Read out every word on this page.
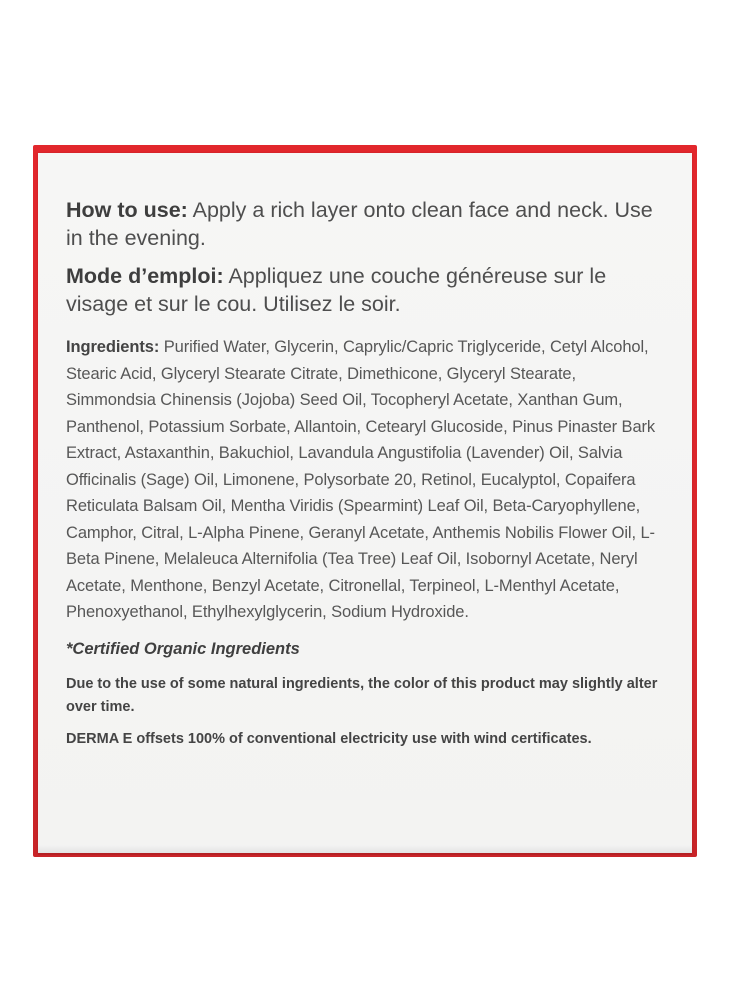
How to use: Apply a rich layer onto clean face and neck. Use in the evening.

Mode d’emploi: Appliquez une couche généreuse sur le visage et sur le cou. Utilisez le soir.

Ingredients: Purified Water, Glycerin, Caprylic/Capric Triglyceride, Cetyl Alcohol, Stearic Acid, Glyceryl Stearate Citrate, Dimethicone, Glyceryl Stearate, Simmondsia Chinensis (Jojoba) Seed Oil, Tocopheryl Acetate, Xanthan Gum, Panthenol, Potassium Sorbate, Allantoin, Cetearyl Glucoside, Pinus Pinaster Bark Extract, Astaxanthin, Bakuchiol, Lavandula Angustifolia (Lavender) Oil, Salvia Officinalis (Sage) Oil, Limonene, Polysorbate 20, Retinol, Eucalyptol, Copaifera Reticulata Balsam Oil, Mentha Viridis (Spearmint) Leaf Oil, Beta-Caryophyllene, Camphor, Citral, L-Alpha Pinene, Geranyl Acetate, Anthemis Nobilis Flower Oil, L-Beta Pinene, Melaleuca Alternifolia (Tea Tree) Leaf Oil, Isobornyl Acetate, Neryl Acetate, Menthone, Benzyl Acetate, Citronellal, Terpineol, L-Menthyl Acetate, Phenoxyethanol, Ethylhexylglycerin, Sodium Hydroxide.

*Certified Organic Ingredients

Due to the use of some natural ingredients, the color of this product may slightly alter over time.

DERMA E offsets 100% of conventional electricity use with wind certificates.
